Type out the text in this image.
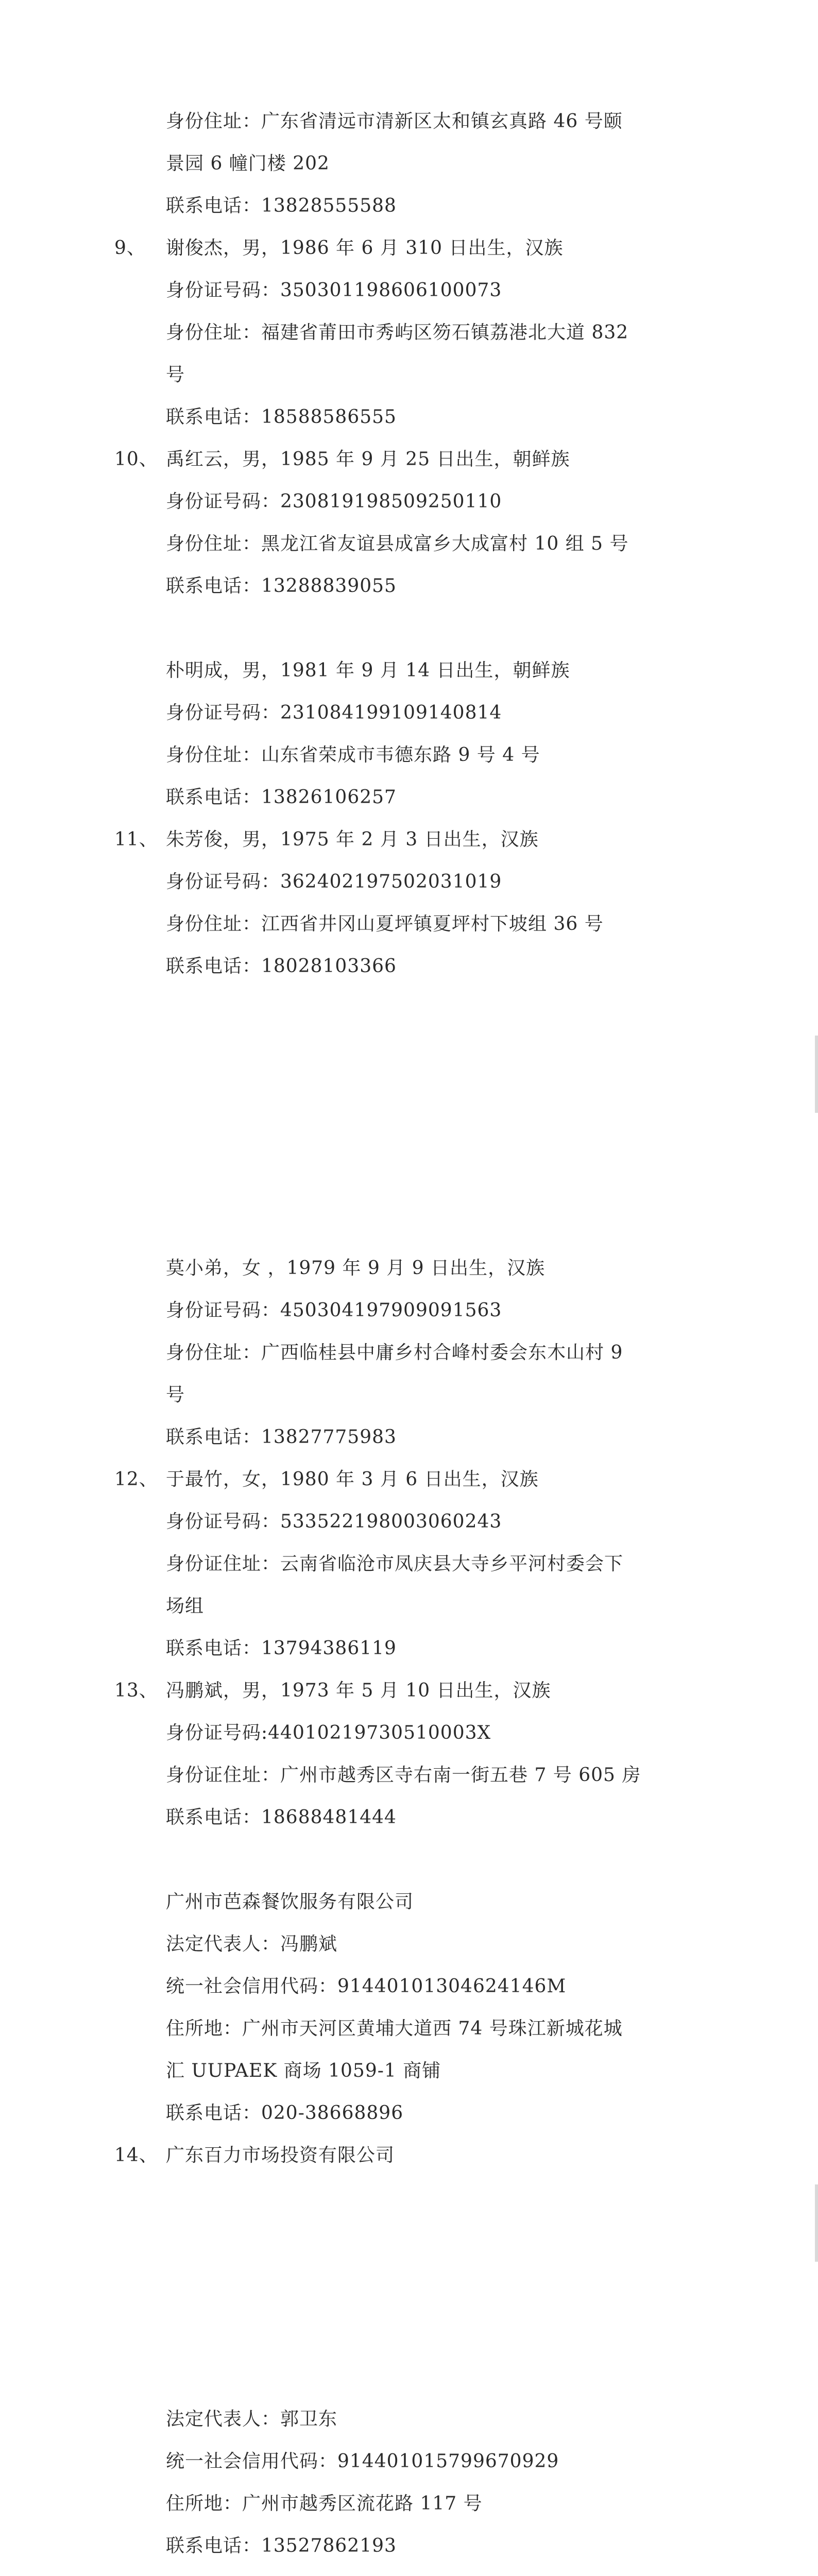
身份住址：广东省清远市清新区太和镇玄真路 46 号颐
景园 6 幢门楼 202
联系电话：13828555588
9、 谢俊杰，男，1986 年 6 月 310 日出生，汉族
身份证号码：350301198606100073
身份住址：福建省莆田市秀屿区笏石镇荔港北大道 832
号
联系电话：18588586555
10、 禹红云，男，1985 年 9 月 25 日出生，朝鲜族
身份证号码：230819198509250110
身份住址：黑龙江省友谊县成富乡大成富村 10 组 5 号
联系电话：13288839055
朴明成，男，1981 年 9 月 14 日出生，朝鲜族
身份证号码：231084199109140814
身份住址：山东省荣成市韦德东路 9 号 4 号
联系电话：13826106257
11、 朱芳俊，男，1975 年 2 月 3 日出生，汉族
身份证号码：362402197502031019
身份住址：江西省井冈山夏坪镇夏坪村下坡组 36 号
联系电话：18028103366
莫小弟，女 ，1979 年 9 月 9 日出生，汉族
身份证号码：450304197909091563
身份住址：广西临桂县中庸乡村合峰村委会东木山村 9
号
联系电话：13827775983
12、 于最竹，女，1980 年 3 月 6 日出生，汉族
身份证号码：533522198003060243
身份证住址：云南省临沧市凤庆县大寺乡平河村委会下
场组
联系电话：13794386119
13、 冯鹏斌，男，1973 年 5 月 10 日出生，汉族
身份证号码:44010219730510003X
身份证住址：广州市越秀区寺右南一街五巷 7 号 605 房
联系电话：18688481444
广州市芭森餐饮服务有限公司
法定代表人：冯鹏斌
统一社会信用代码：91440101304624146M
住所地：广州市天河区黄埔大道西 74 号珠江新城花城
汇 UUPAEK 商场 1059-1 商铺
联系电话：020-38668896
14、 广东百力市场投资有限公司
法定代表人：郭卫东
统一社会信用代码：914401015799670929
住所地：广州市越秀区流花路 117 号
联系电话：13527862193
